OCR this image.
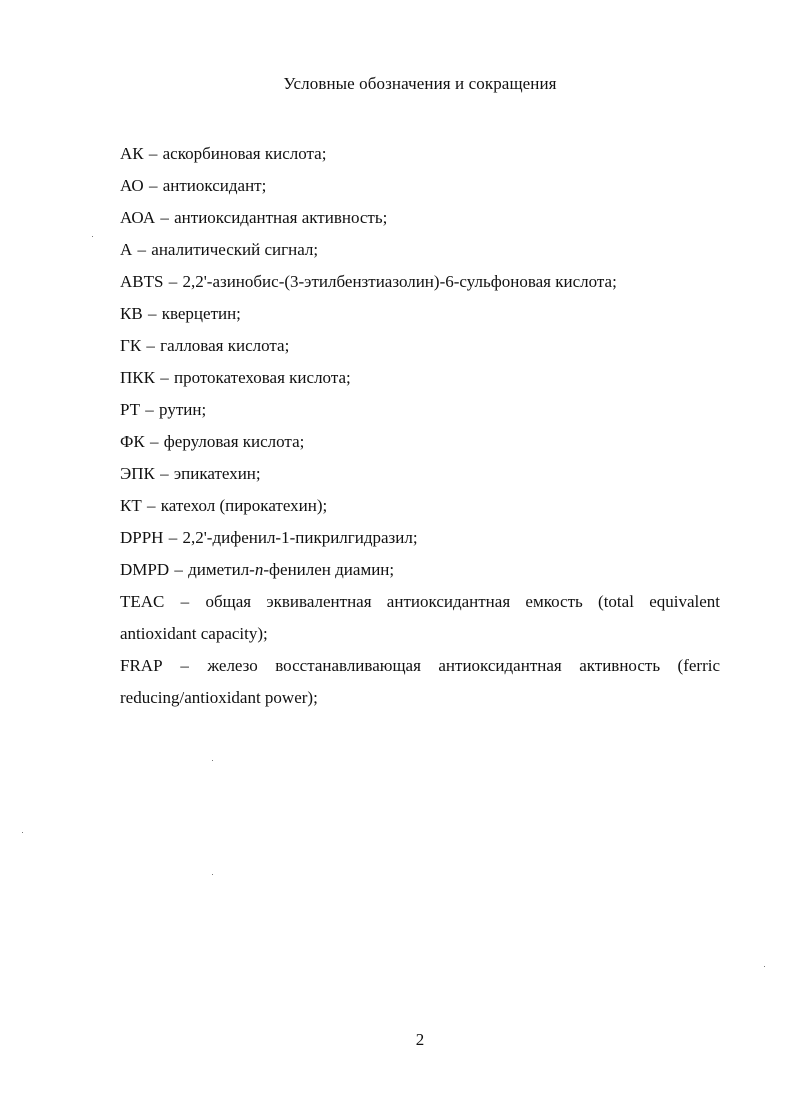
Условные обозначения и сокращения
АК – аскорбиновая кислота;
АО – антиоксидант;
АОА – антиоксидантная активность;
А – аналитический сигнал;
ABTS – 2,2'-азинобис-(3-этилбензтиазолин)-6-сульфоновая кислота;
КВ – кверцетин;
ГК – галловая кислота;
ПКК – протокатеховая кислота;
РТ – рутин;
ФК – феруловая кислота;
ЭПК – эпикатехин;
КТ – катехол (пирокатехин);
DPPH – 2,2'-дифенил-1-пикрилгидразил;
DMPD – диметил-п-фенилен диамин;
TEAC – общая эквивалентная антиоксидантная емкость (total equivalent antioxidant capacity);
FRAP – железо восстанавливающая антиоксидантная активность (ferric reducing/antioxidant power);
2
